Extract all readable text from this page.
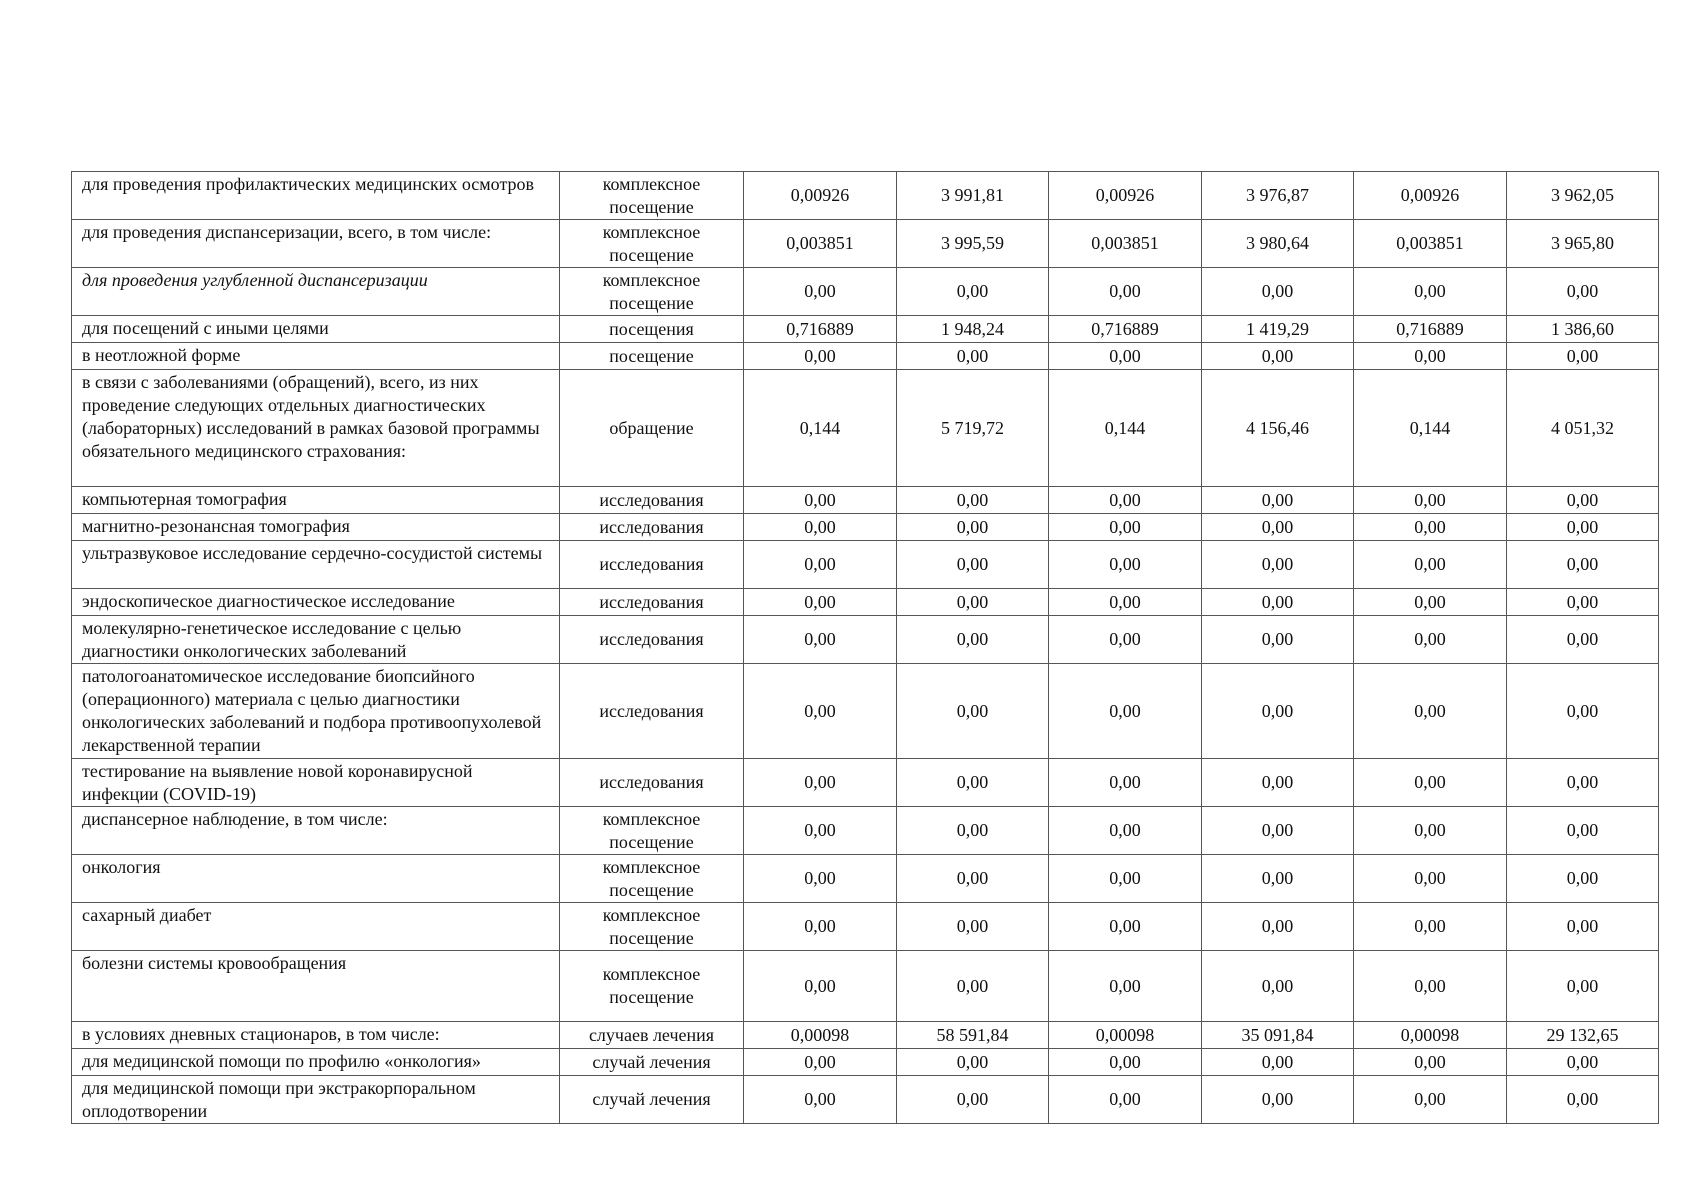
для проведения профилактических медицинских осмотров	комплексное посещение	0,00926	3 991,81	0,00926	3 976,87	0,00926	3 962,05
для проведения диспансеризации, всего, в том числе:	комплексное посещение	0,003851	3 995,59	0,003851	3 980,64	0,003851	3 965,80
для проведения углубленной диспансеризации	комплексное посещение	0,00	0,00	0,00	0,00	0,00	0,00
для посещений с иными целями	посещения	0,716889	1 948,24	0,716889	1 419,29	0,716889	1 386,60
в неотложной форме	посещение	0,00	0,00	0,00	0,00	0,00	0,00
в связи с заболеваниями (обращений), всего, из них проведение следующих отдельных диагностических (лабораторных) исследований в рамках базовой программы обязательного медицинского страхования:	обращение	0,144	5 719,72	0,144	4 156,46	0,144	4 051,32
компьютерная томография	исследования	0,00	0,00	0,00	0,00	0,00	0,00
магнитно-резонансная томография	исследования	0,00	0,00	0,00	0,00	0,00	0,00
ультразвуковое исследование сердечно-сосудистой системы	исследования	0,00	0,00	0,00	0,00	0,00	0,00
эндоскопическое диагностическое исследование	исследования	0,00	0,00	0,00	0,00	0,00	0,00
молекулярно-генетическое исследование с целью диагностики онкологических заболеваний	исследования	0,00	0,00	0,00	0,00	0,00	0,00
патологоанатомическое исследование биопсийного (операционного) материала с целью диагностики онкологических заболеваний и подбора противоопухолевой лекарственной терапии	исследования	0,00	0,00	0,00	0,00	0,00	0,00
тестирование на выявление новой коронавирусной инфекции (COVID-19)	исследования	0,00	0,00	0,00	0,00	0,00	0,00
диспансерное наблюдение, в том числе:	комплексное посещение	0,00	0,00	0,00	0,00	0,00	0,00
онкология	комплексное посещение	0,00	0,00	0,00	0,00	0,00	0,00
сахарный диабет	комплексное посещение	0,00	0,00	0,00	0,00	0,00	0,00
болезни системы кровообращения	комплексное посещение	0,00	0,00	0,00	0,00	0,00	0,00
в условиях дневных стационаров, в том числе:	случаев лечения	0,00098	58 591,84	0,00098	35 091,84	0,00098	29 132,65
для медицинской помощи по профилю «онкология»	случай лечения	0,00	0,00	0,00	0,00	0,00	0,00
для медицинской помощи при экстракорпоральном оплодотворении	случай лечения	0,00	0,00	0,00	0,00	0,00	0,00
